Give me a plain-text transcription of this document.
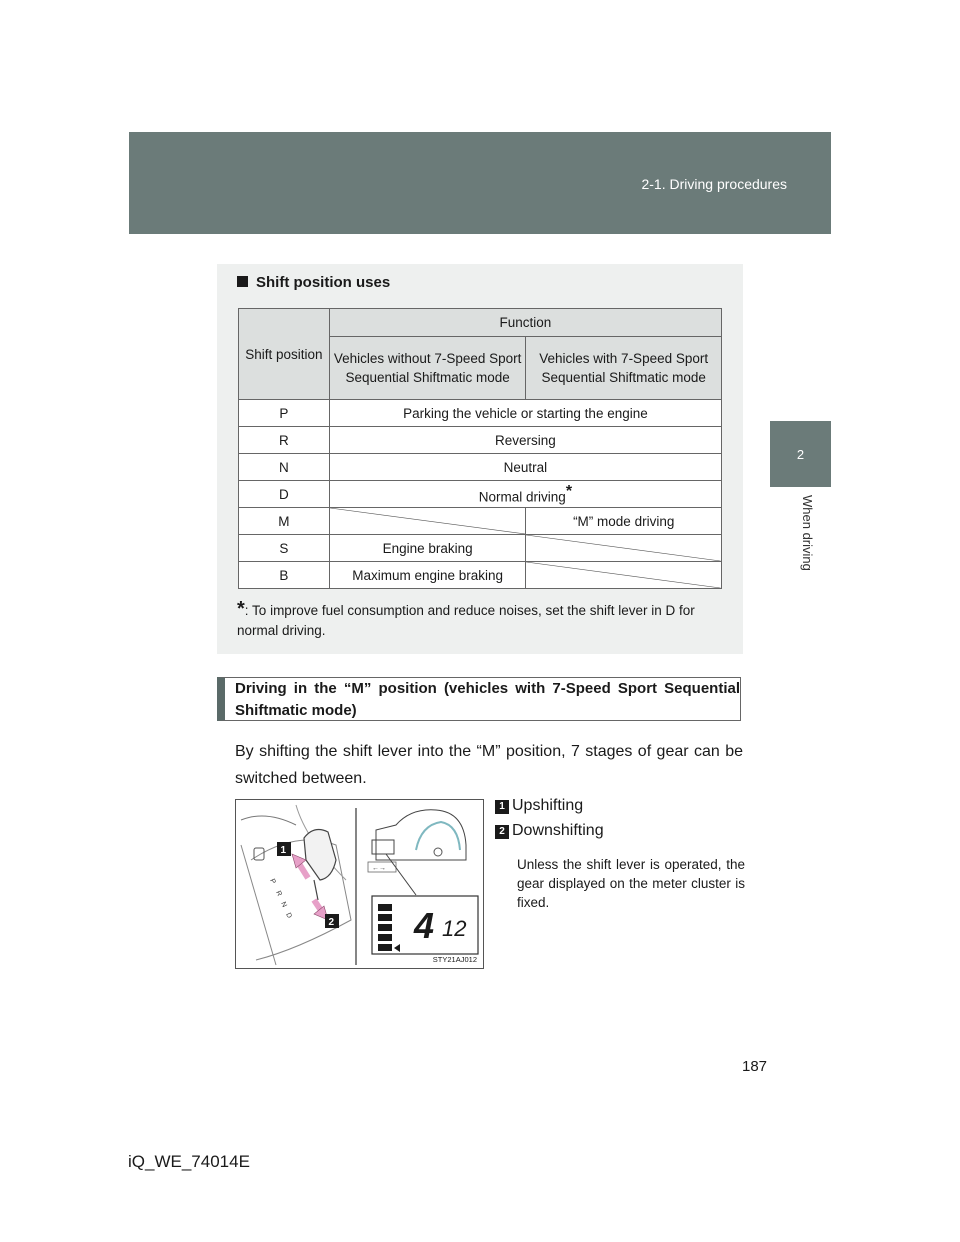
2-1. Driving procedures
2
When driving
Shift position uses
Shift position	Function	
	Vehicles without 7-Speed Sport Sequential Shiftmatic mode	Vehicles with 7-Speed Sport Sequential Shiftmatic mode
P	Parking the vehicle or starting the engine	
R	Reversing	
N	Neutral	
D	Normal driving*
M		“M” mode driving
S	Engine braking	

B	Maximum engine braking	
*: To improve fuel consumption and reduce noises, set the shift lever in D for normal driving.
Driving in the “M” position (vehicles with 7-Speed Sport Sequential Shiftmatic mode)
By shifting the shift lever into the “M” position, 7 stages of gear can be switched between.
P
R
N
D
←→
4 12
1
2
STY21AJ012
1 Upshifting
2 Downshifting
Unless the shift lever is operated, the gear displayed on the meter cluster is fixed.
187
iQ_WE_74014E
